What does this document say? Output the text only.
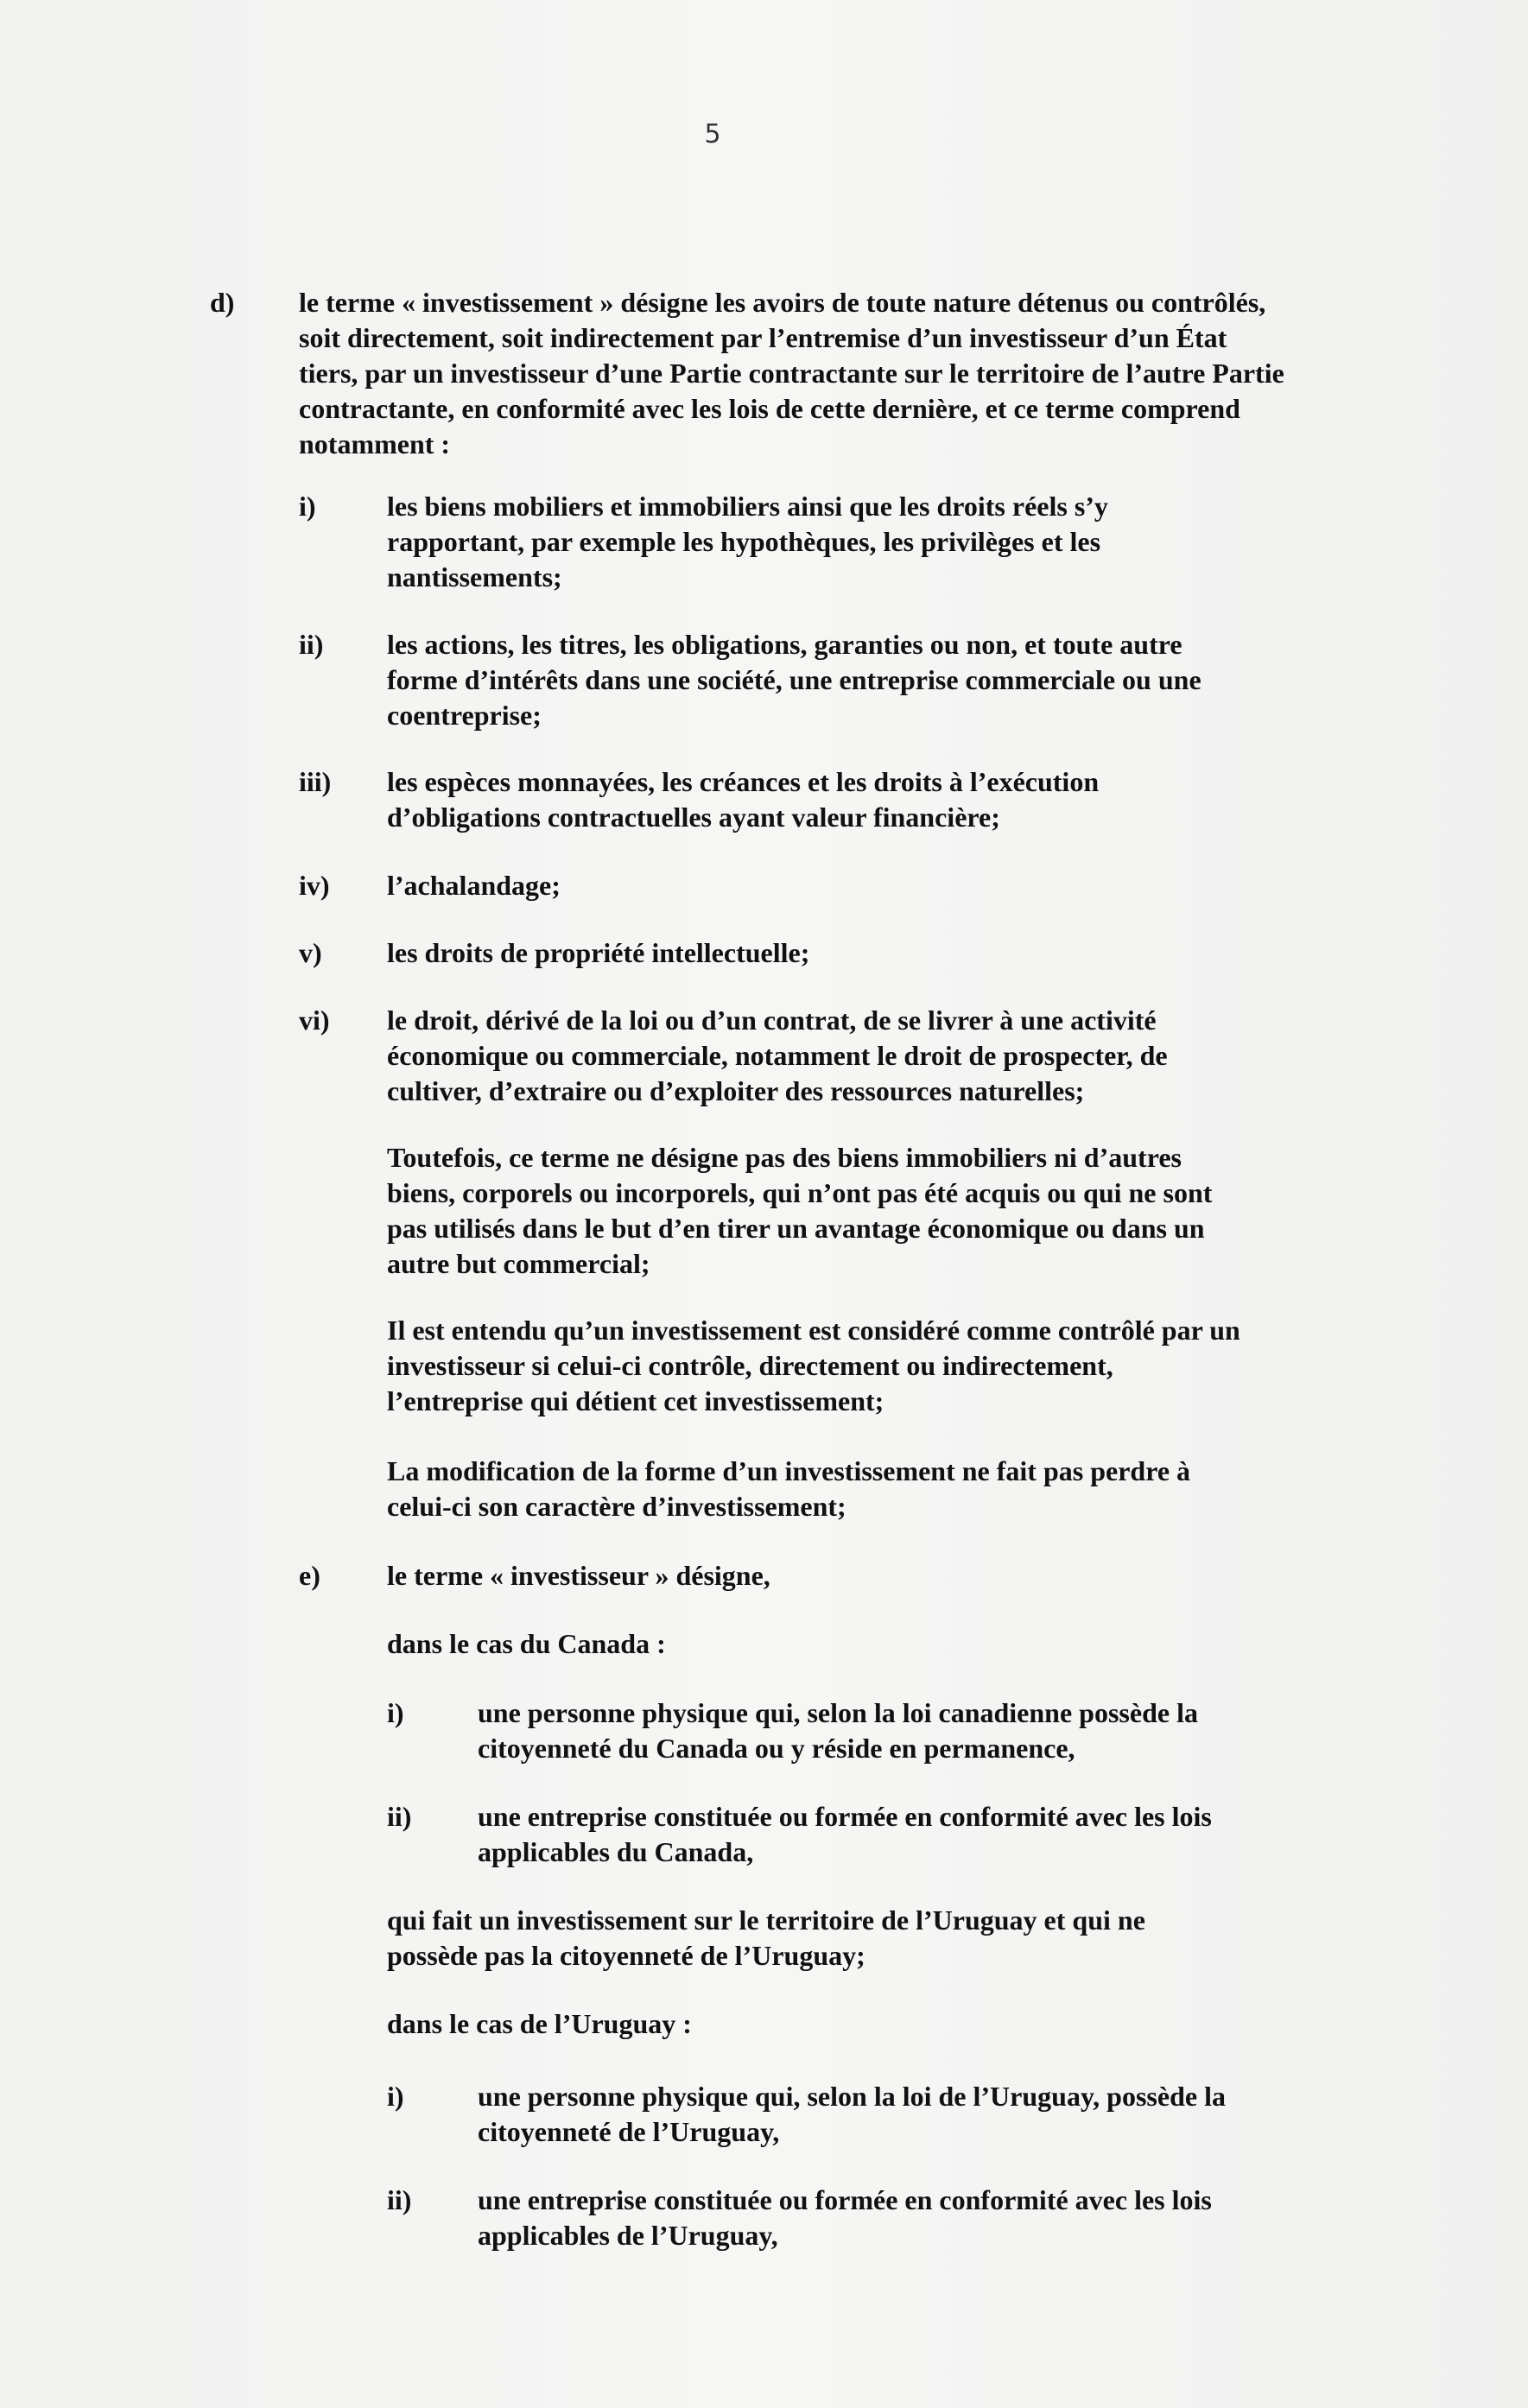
5
d) le terme « investissement » désigne les avoirs de toute nature détenus ou contrôlés, soit directement, soit indirectement par l’entremise d’un investisseur d’un État tiers, par un investisseur d’une Partie contractante sur le territoire de l’autre Partie contractante, en conformité avec les lois de cette dernière, et ce terme comprend notamment :
i)	les biens mobiliers et immobiliers ainsi que les droits réels s’y rapportant, par exemple les hypothèques, les privilèges et les nantissements;
ii) les actions, les titres, les obligations, garanties ou non, et toute autre forme d’intérêts dans une société, une entreprise commerciale ou une coentreprise;
iii) les espèces monnayées, les créances et les droits à l’exécution d’obligations contractuelles ayant valeur financière;
iv) l’achalandage;
v) les droits de propriété intellectuelle;
vi) le droit, dérivé de la loi ou d’un contrat, de se livrer à une activité économique ou commerciale, notamment le droit de prospecter, de cultiver, d’extraire ou d’exploiter des ressources naturelles;
Toutefois, ce terme ne désigne pas des biens immobiliers ni d’autres biens, corporels ou incorporels, qui n’ont pas été acquis ou qui ne sont pas utilisés dans le but d’en tirer un avantage économique ou dans un autre but commercial;
Il est entendu qu’un investissement est considéré comme contrôlé par un investisseur si celui-ci contrôle, directement ou indirectement, l’entreprise qui détient cet investissement;
La modification de la forme d’un investissement ne fait pas perdre à celui-ci son caractère d’investissement;
e) le terme « investisseur » désigne,
dans le cas du Canada :
i)	une personne physique qui, selon la loi canadienne possède la citoyenneté du Canada ou y réside en permanence,
ii) une entreprise constituée ou formée en conformité avec les lois applicables du Canada,
qui fait un investissement sur le territoire de l’Uruguay et qui ne possède pas la citoyenneté de l’Uruguay;
dans le cas de l’Uruguay :
i)	une personne physique qui, selon la loi de l’Uruguay, possède la citoyenneté de l’Uruguay,
ii) une entreprise constituée ou formée en conformité avec les lois applicables de l’Uruguay,
